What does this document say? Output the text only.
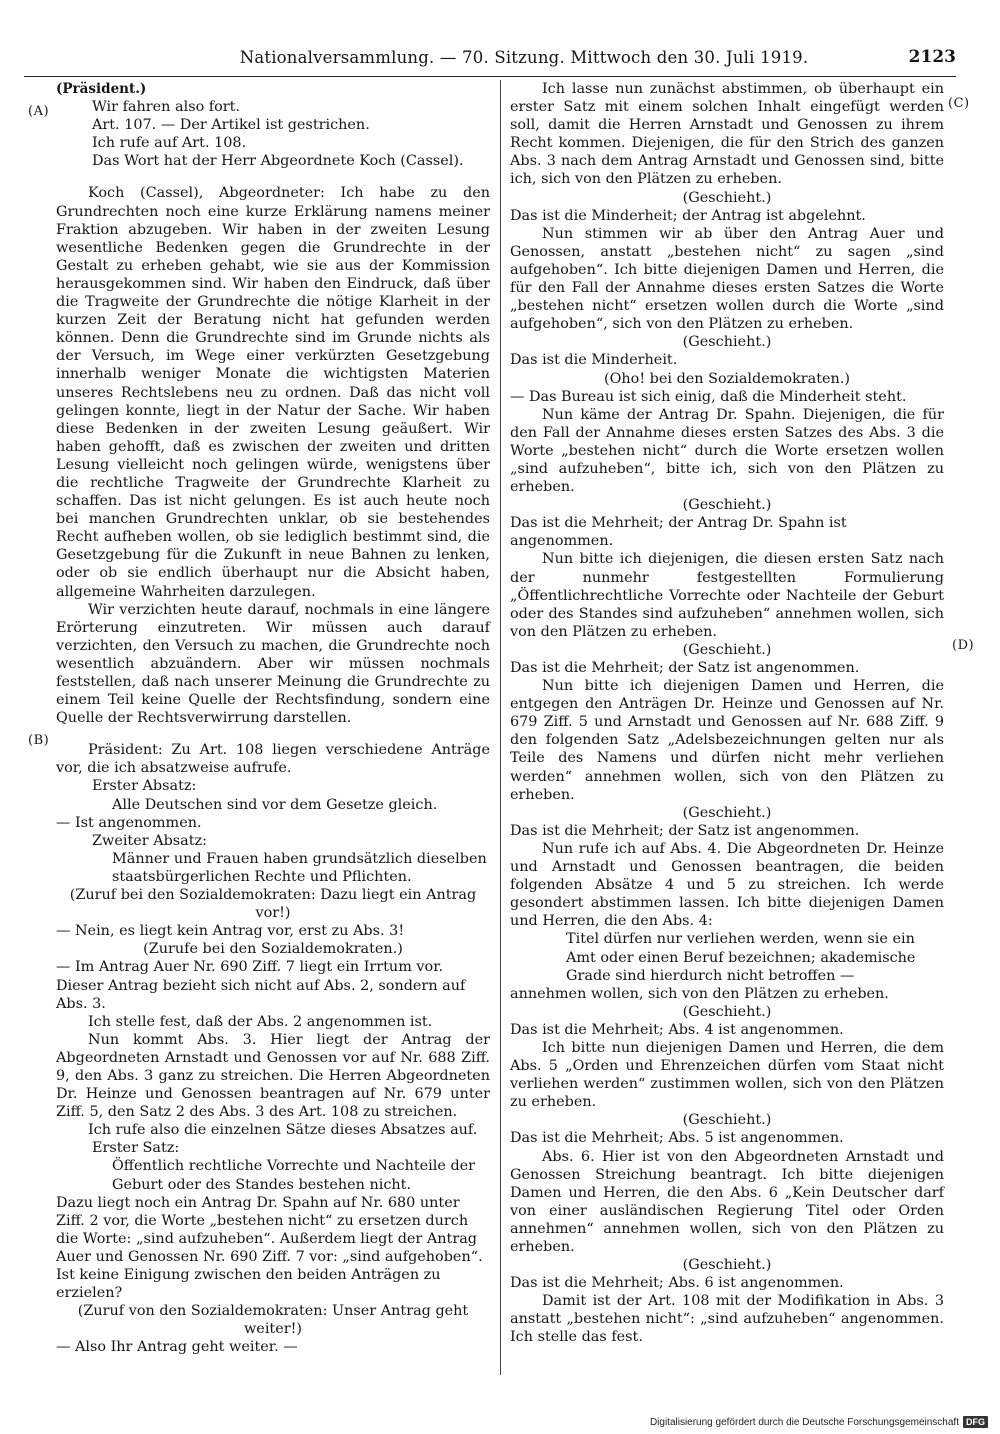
Nationalversammlung. — 70. Sitzung. Mittwoch den 30. Juli 1919.	2123
(A)
(B)
(C)
(D)

(Präsident.)

Wir fahren also fort.

Art. 107. — Der Artikel ist gestrichen.

Ich rufe auf Art. 108.

Das Wort hat der Herr Abgeordnete Koch (Cassel).

Koch (Cassel), Abgeordneter: Ich habe zu den Grundrechten noch eine kurze Erklärung namens meiner Fraktion abzugeben. Wir haben in der zweiten Lesung wesentliche Bedenken gegen die Grundrechte in der Gestalt zu erheben gehabt, wie sie aus der Kommission herausgekommen sind. Wir haben den Eindruck, daß über die Tragweite der Grundrechte die nötige Klarheit in der kurzen Zeit der Beratung nicht hat gefunden werden können. Denn die Grundrechte sind im Grunde nichts als der Versuch, im Wege einer verkürzten Gesetzgebung innerhalb weniger Monate die wichtigsten Materien unseres Rechtslebens neu zu ordnen. Daß das nicht voll gelingen konnte, liegt in der Natur der Sache. Wir haben diese Bedenken in der zweiten Lesung geäußert. Wir haben gehofft, daß es zwischen der zweiten und dritten Lesung vielleicht noch gelingen würde, wenigstens über die rechtliche Tragweite der Grundrechte Klarheit zu schaffen. Das ist nicht gelungen. Es ist auch heute noch bei manchen Grundrechten unklar, ob sie bestehendes Recht aufheben wollen, ob sie lediglich bestimmt sind, die Gesetzgebung für die Zukunft in neue Bahnen zu lenken, oder ob sie endlich überhaupt nur die Absicht haben, allgemeine Wahrheiten darzulegen.

Wir verzichten heute darauf, nochmals in eine längere Erörterung einzutreten. Wir müssen auch darauf verzichten, den Versuch zu machen, die Grundrechte noch wesentlich abzuändern. Aber wir müssen nochmals feststellen, daß nach unserer Meinung die Grundrechte zu einem Teil keine Quelle der Rechtsfindung, sondern eine Quelle der Rechtsverwirrung darstellen.

Präsident: Zu Art. 108 liegen verschiedene Anträge vor, die ich absatzweise aufrufe.

Erster Absatz:

Alle Deutschen sind vor dem Gesetze gleich.

— Ist angenommen.

Zweiter Absatz:

Männer und Frauen haben grundsätzlich dieselben staatsbürgerlichen Rechte und Pflichten.

(Zuruf bei den Sozialdemokraten: Dazu liegt ein Antrag vor!)

— Nein, es liegt kein Antrag vor, erst zu Abs. 3!

(Zurufe bei den Sozialdemokraten.)

— Im Antrag Auer Nr. 690 Ziff. 7 liegt ein Irrtum vor. Dieser Antrag bezieht sich nicht auf Abs. 2, sondern auf Abs. 3.

Ich stelle fest, daß der Abs. 2 angenommen ist.

Nun kommt Abs. 3. Hier liegt der Antrag der Abgeordneten Arnstadt und Genossen vor auf Nr. 688 Ziff. 9, den Abs. 3 ganz zu streichen. Die Herren Abgeordneten Dr. Heinze und Genossen beantragen auf Nr. 679 unter Ziff. 5, den Satz 2 des Abs. 3 des Art. 108 zu streichen.

Ich rufe also die einzelnen Sätze dieses Absatzes auf.

Erster Satz:

Öffentlich rechtliche Vorrechte und Nachteile der Geburt oder des Standes bestehen nicht.

Dazu liegt noch ein Antrag Dr. Spahn auf Nr. 680 unter Ziff. 2 vor, die Worte „bestehen nicht“ zu ersetzen durch die Worte: „sind aufzuheben“. Außerdem liegt der Antrag Auer und Genossen Nr. 690 Ziff. 7 vor: „sind aufgehoben“. Ist keine Einigung zwischen den beiden Anträgen zu erzielen?

(Zuruf von den Sozialdemokraten: Unser Antrag geht weiter!)

— Also Ihr Antrag geht weiter. —

Ich lasse nun zunächst abstimmen, ob überhaupt ein erster Satz mit einem solchen Inhalt eingefügt werden soll, damit die Herren Arnstadt und Genossen zu ihrem Recht kommen. Diejenigen, die für den Strich des ganzen Abs. 3 nach dem Antrag Arnstadt und Genossen sind, bitte ich, sich von den Plätzen zu erheben.

(Geschieht.)

Das ist die Minderheit; der Antrag ist abgelehnt.

Nun stimmen wir ab über den Antrag Auer und Genossen, anstatt „bestehen nicht“ zu sagen „sind aufgehoben“. Ich bitte diejenigen Damen und Herren, die für den Fall der Annahme dieses ersten Satzes die Worte „bestehen nicht“ ersetzen wollen durch die Worte „sind aufgehoben“, sich von den Plätzen zu erheben.

(Geschieht.)

Das ist die Minderheit.

(Oho! bei den Sozialdemokraten.)

— Das Bureau ist sich einig, daß die Minderheit steht.

Nun käme der Antrag Dr. Spahn. Diejenigen, die für den Fall der Annahme dieses ersten Satzes des Abs. 3 die Worte „bestehen nicht“ durch die Worte ersetzen wollen „sind aufzuheben“, bitte ich, sich von den Plätzen zu erheben.

(Geschieht.)

Das ist die Mehrheit; der Antrag Dr. Spahn ist angenommen.

Nun bitte ich diejenigen, die diesen ersten Satz nach der nunmehr festgestellten Formulierung „Öffentlichrechtliche Vorrechte oder Nachteile der Geburt oder des Standes sind aufzuheben“ annehmen wollen, sich von den Plätzen zu erheben.

(Geschieht.)

Das ist die Mehrheit; der Satz ist angenommen.

Nun bitte ich diejenigen Damen und Herren, die entgegen den Anträgen Dr. Heinze und Genossen auf Nr. 679 Ziff. 5 und Arnstadt und Genossen auf Nr. 688 Ziff. 9 den folgenden Satz „Adelsbezeichnungen gelten nur als Teile des Namens und dürfen nicht mehr verliehen werden“ annehmen wollen, sich von den Plätzen zu erheben.

(Geschieht.)

Das ist die Mehrheit; der Satz ist angenommen.

Nun rufe ich auf Abs. 4. Die Abgeordneten Dr. Heinze und Arnstadt und Genossen beantragen, die beiden folgenden Absätze 4 und 5 zu streichen. Ich werde gesondert abstimmen lassen. Ich bitte diejenigen Damen und Herren, die den Abs. 4:

Titel dürfen nur verliehen werden, wenn sie ein Amt oder einen Beruf bezeichnen; akademische Grade sind hierdurch nicht betroffen —

annehmen wollen, sich von den Plätzen zu erheben.

(Geschieht.)

Das ist die Mehrheit; Abs. 4 ist angenommen.

Ich bitte nun diejenigen Damen und Herren, die dem Abs. 5 „Orden und Ehrenzeichen dürfen vom Staat nicht verliehen werden“ zustimmen wollen, sich von den Plätzen zu erheben.

(Geschieht.)

Das ist die Mehrheit; Abs. 5 ist angenommen.

Abs. 6. Hier ist von den Abgeordneten Arnstadt und Genossen Streichung beantragt. Ich bitte diejenigen Damen und Herren, die den Abs. 6 „Kein Deutscher darf von einer ausländischen Regierung Titel oder Orden annehmen“ annehmen wollen, sich von den Plätzen zu erheben.

(Geschieht.)

Das ist die Mehrheit; Abs. 6 ist angenommen.

Damit ist der Art. 108 mit der Modifikation in Abs. 3 anstatt „bestehen nicht“: „sind aufzuheben“ angenommen. Ich stelle das fest.

Digitalisierung gefördert durch die Deutsche Forschungsgemeinschaft DFG
